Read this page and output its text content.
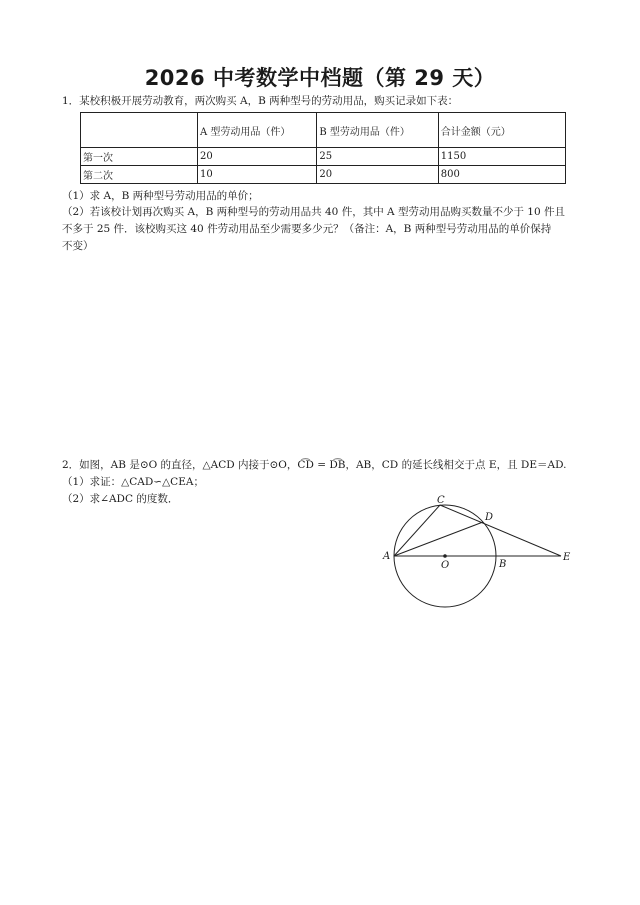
2026 中考数学中档题（第 29 天）
1．某校积极开展劳动教育，两次购买 A，B 两种型号的劳动用品，购买记录如下表：
	A 型劳动用品（件）	B 型劳动用品（件）	合计金额（元）
第一次	20	25	1150
第二次	10	20	800
（1）求 A，B 两种型号劳动用品的单价；
（2）若该校计划再次购买 A，B 两种型号的劳动用品共 40 件，其中 A 型劳动用品购买数量不少于 10 件且
不多于 25 件．该校购买这 40 件劳动用品至少需要多少元？（备注：A，B 两种型号劳动用品的单价保持
不变）
2．如图，AB 是⊙O 的直径，△ACD 内接于⊙O，C͡D = D͡B，AB，CD 的延长线相交于点 E，且 DE＝AD.
（1）求证：△CAD∽△CEA；
（2）求∠ADC 的度数．
A
B
C
D
E
O
